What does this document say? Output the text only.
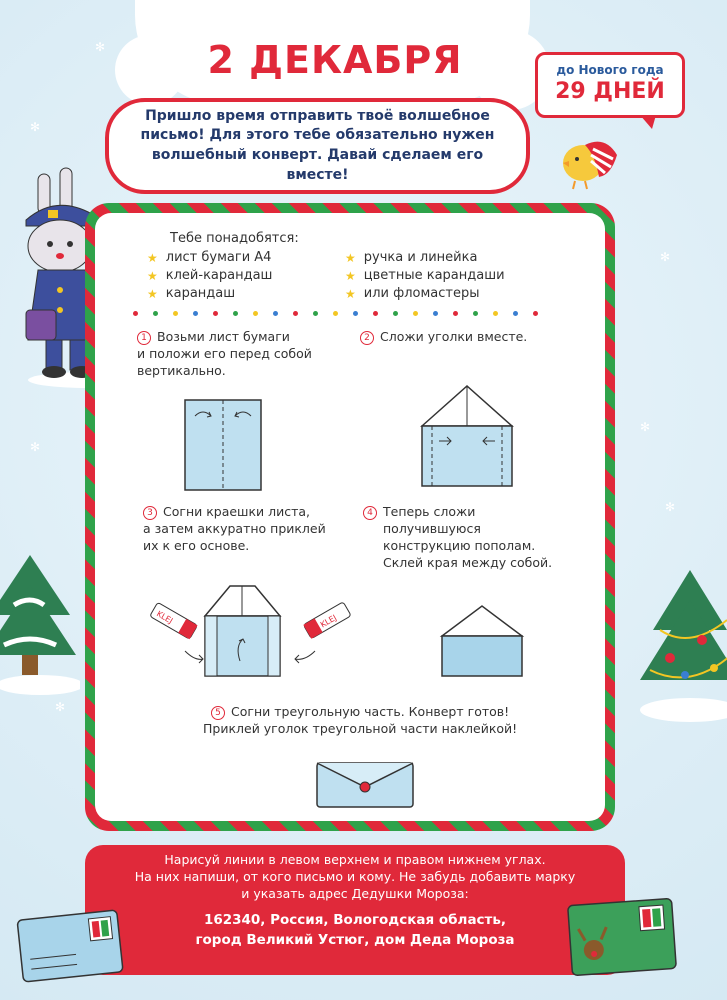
✻
✻
✻
✻
✻
✻
✻
2 ДЕКАБРЯ	до Нового года
29 ДНЕЙ
Пришло время отправить твоё волшебное письмо! Для этого тебе обязательно нужен волшебный конверт. Давай сделаем его вместе!
Тебе понадобятся:
★ лист бумаги А4
★ клей-карандаш
★ карандаш
★ ручка и линейка
★ цветные карандаши
★ или фломастеры
1 Возьми лист бумаги
и положи его перед собой
вертикально.
2 Сложи уголки вместе.
3 Согни краешки листа,
а затем аккуратно приклей
их к его основе.
4 Теперь сложи
получившуюся
конструкцию пополам.
Склей края между собой.
KLEJ	KLEJ
5 Согни треугольную часть. Конверт готов!
Приклей уголок треугольной части наклейкой!
Нарисуй линии в левом верхнем и правом нижнем углах.
На них напиши, от кого письмо и кому. Не забудь добавить марку
и указать адрес Дедушки Мороза:
162340, Россия, Вологодская область,
город Великий Устюг, дом Деда Мороза
